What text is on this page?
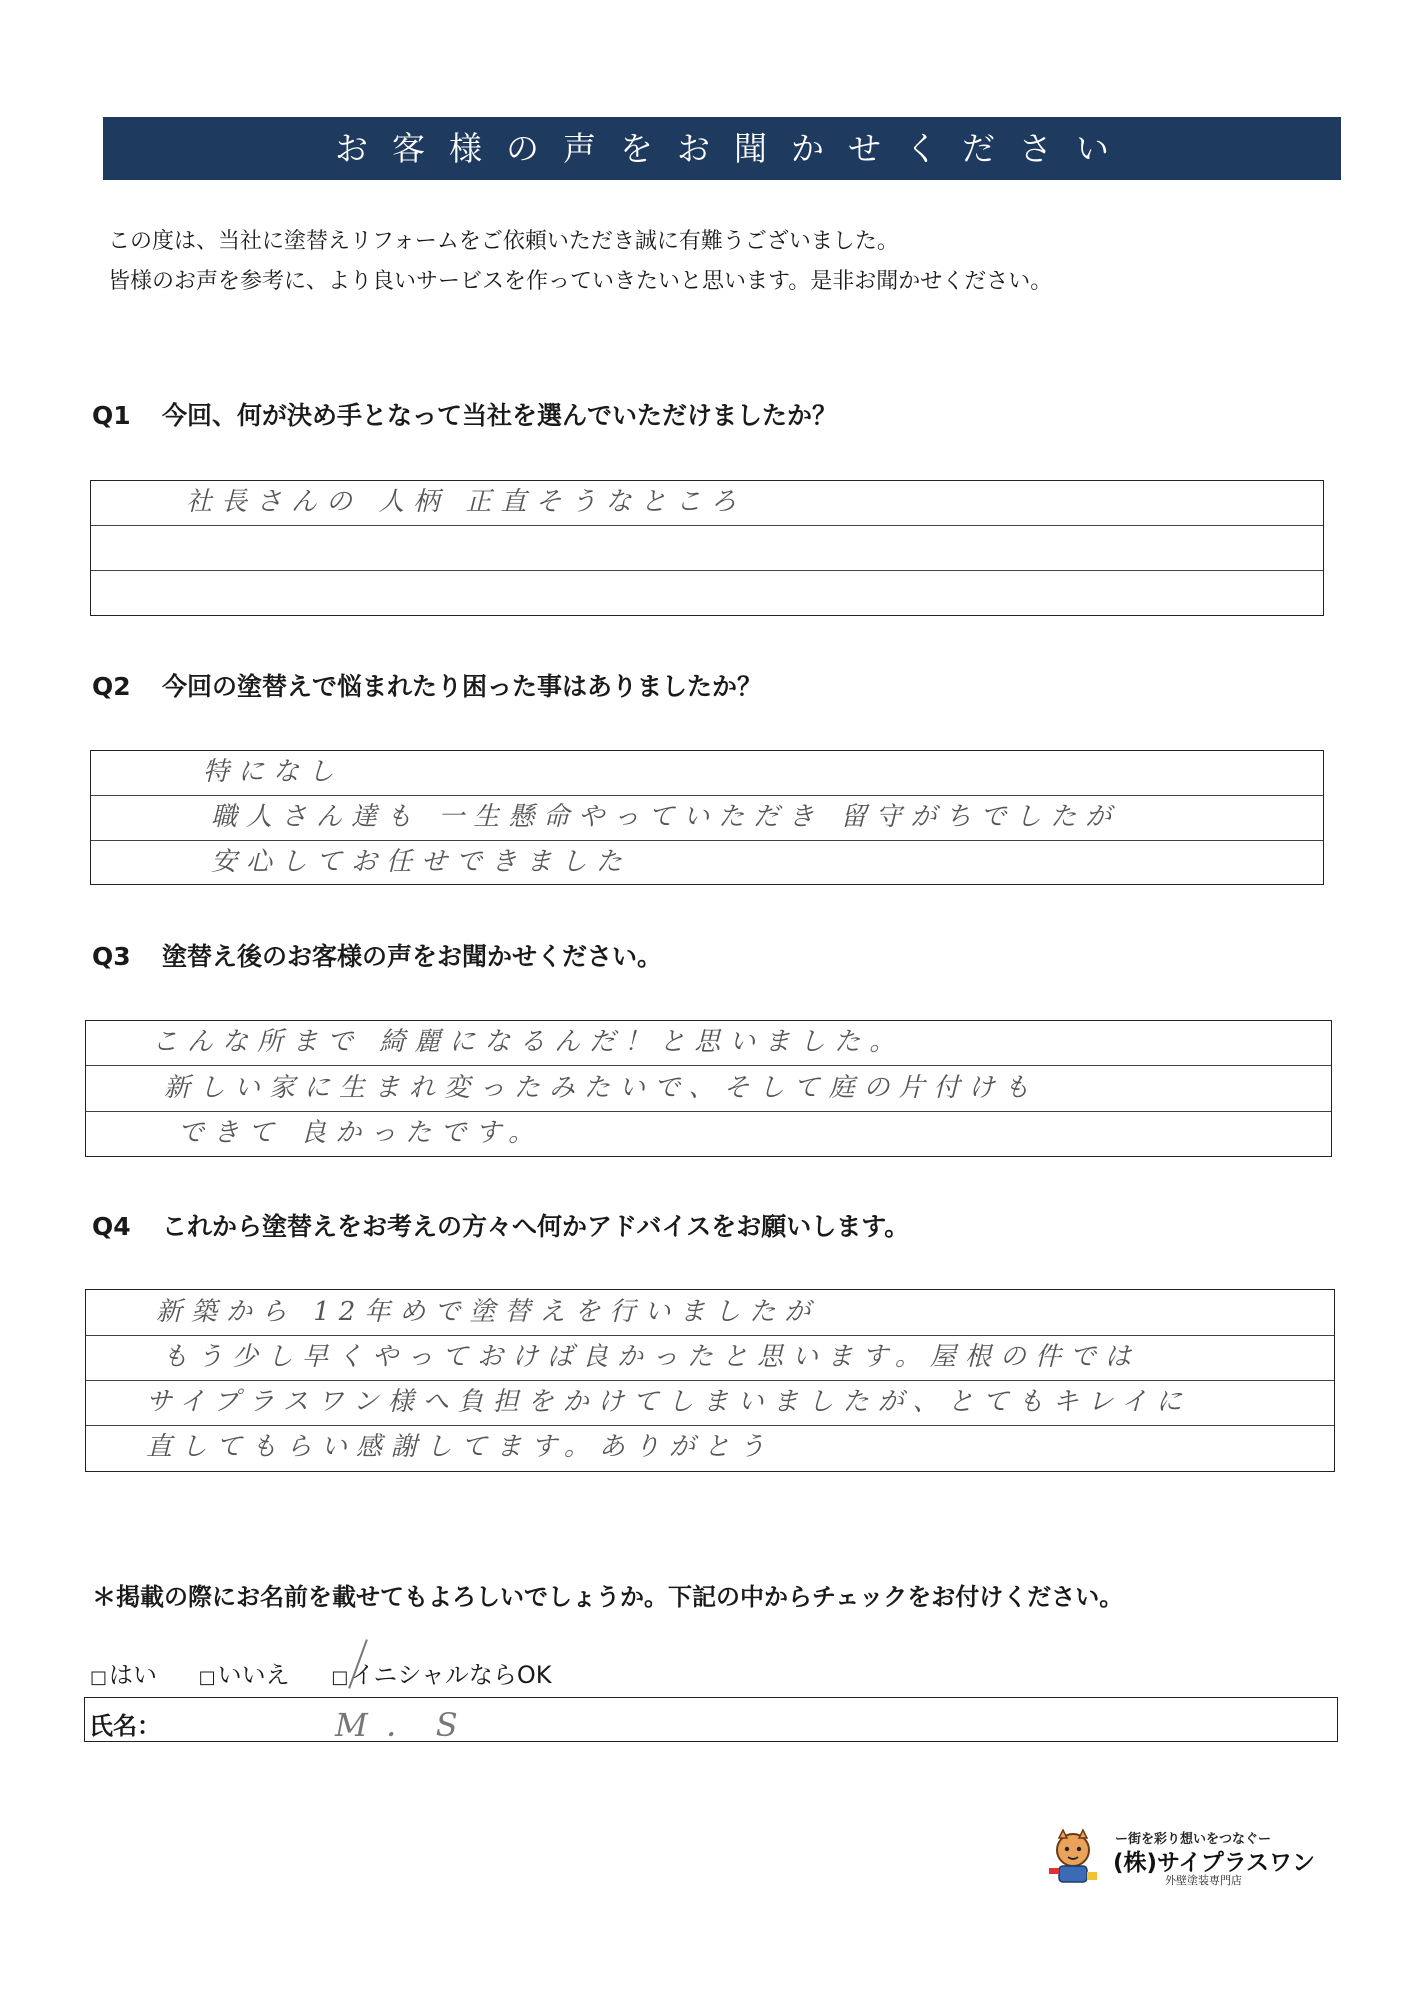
お客様の声をお聞かせください
この度は、当社に塗替えリフォームをご依頼いただき誠に有難うございました。
皆様のお声を参考に、より良いサービスを作っていきたいと思います。是非お聞かせください。
Q1 今回、何が決め手となって当社を選んでいただけましたか？
社長さんの 人柄 正直そうなところ
Q2 今回の塗替えで悩まれたり困った事はありましたか？
特になし
職人さん達も 一生懸命やっていただき 留守がちでしたが
安心してお任せできました
Q3 塗替え後のお客様の声をお聞かせください。
こんな所まで 綺麗になるんだ！と思いました。
新しい家に生まれ変ったみたいで、そして庭の片付けも
できて 良かったです。
Q4 これから塗替えをお考えの方々へ何かアドバイスをお願いします。
新築から 12年めで塗替えを行いましたが
もう少し早くやっておけば良かったと思います。屋根の件では
サイプラスワン様へ負担をかけてしまいましたが、とてもキレイに
直してもらい感謝してます。ありがとう
＊掲載の際にお名前を載せてもよろしいでしょうか。下記の中からチェックをお付けください。
□はい □いいえ □イニシャルならOK
氏名：	M．S
ー街を彩り想いをつなぐー
(株)サイプラスワン
外壁塗装専門店
